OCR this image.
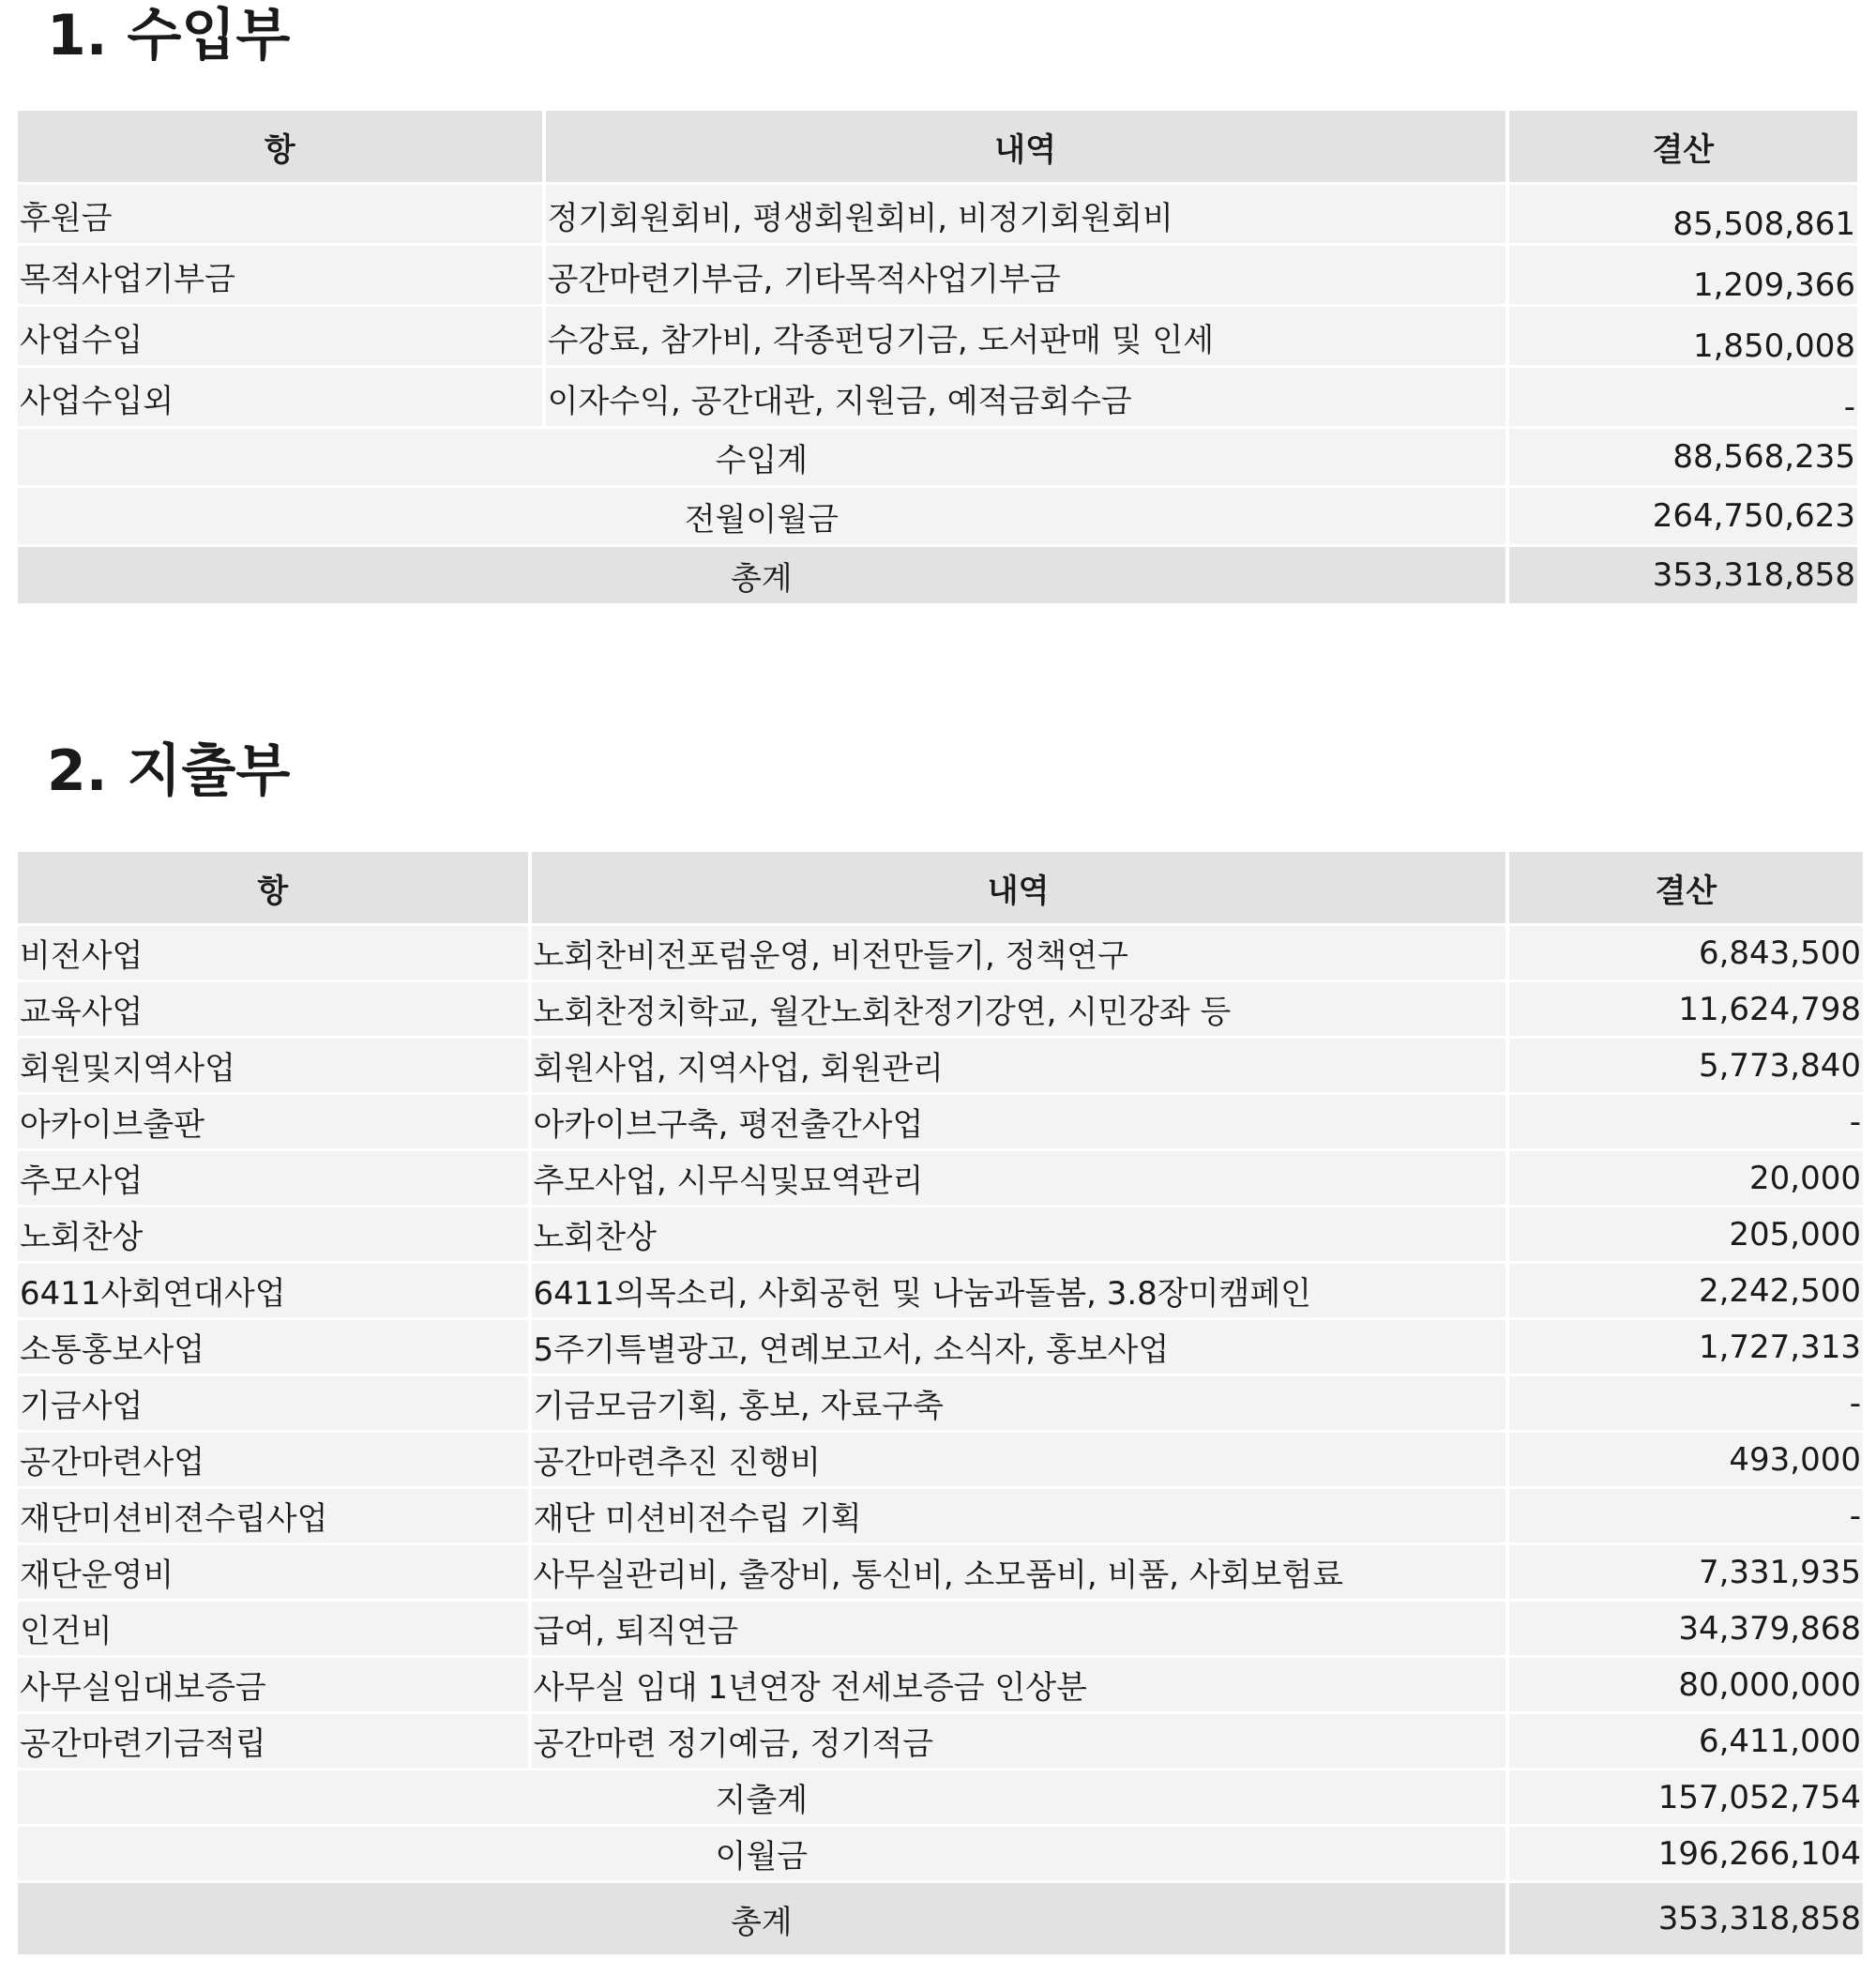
1. 수입부
항	내역	결산
후원금	정기회원회비, 평생회원회비, 비정기회원회비	85,508,861
목적사업기부금	공간마련기부금, 기타목적사업기부금	1,209,366
사업수입	수강료, 참가비, 각종펀딩기금, 도서판매 및 인세	1,850,008
사업수입외	이자수익, 공간대관, 지원금, 예적금회수금	-
수입계		88,568,235
전월이월금		264,750,623
총계		353,318,858
2. 지출부
항	내역	결산
비전사업	노회찬비전포럼운영, 비전만들기, 정책연구	6,843,500
교육사업	노회찬정치학교, 월간노회찬정기강연, 시민강좌 등	11,624,798
회원및지역사업	회원사업, 지역사업, 회원관리	5,773,840
아카이브출판	아카이브구축, 평전출간사업	-
추모사업	추모사업, 시무식및묘역관리	20,000
노회찬상	노회찬상	205,000
6411사회연대사업	6411의목소리, 사회공헌 및 나눔과돌봄, 3.8장미캠페인	2,242,500
소통홍보사업	5주기특별광고, 연례보고서, 소식자, 홍보사업	1,727,313
기금사업	기금모금기획, 홍보, 자료구축	-
공간마련사업	공간마련추진 진행비	493,000
재단미션비젼수립사업	재단 미션비전수립 기획	-
재단운영비	사무실관리비, 출장비, 통신비, 소모품비, 비품, 사회보험료	7,331,935
인건비	급여, 퇴직연금	34,379,868
사무실임대보증금	사무실 임대 1년연장 전세보증금 인상분	80,000,000
공간마련기금적립	공간마련 정기예금, 정기적금	6,411,000
지출계		157,052,754
이월금		196,266,104
총계		353,318,858
